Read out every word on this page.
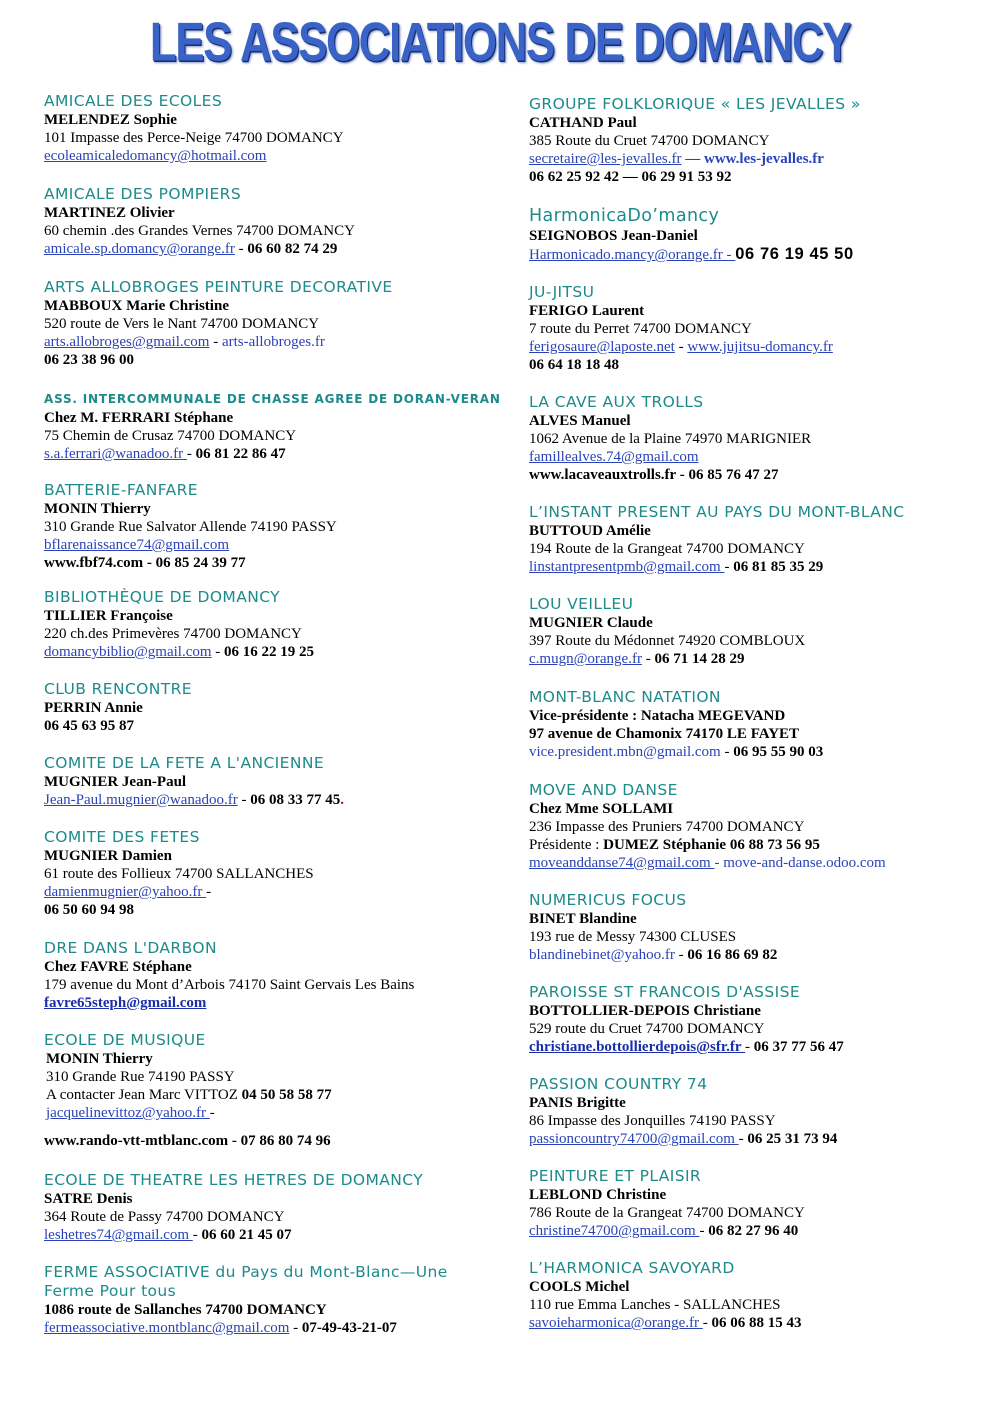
LES ASSOCIATIONS DE DOMANCY
AMICALE DES ECOLES
MELENDEZ Sophie
101 Impasse des Perce-Neige 74700 DOMANCY
ecoleamicaledomancy@hotmail.com
AMICALE DES POMPIERS
MARTINEZ Olivier
60 chemin .des Grandes Vernes 74700 DOMANCY
amicale.sp.domancy@orange.fr - 06 60 82 74 29
ARTS ALLOBROGES PEINTURE DECORATIVE
MABBOUX Marie Christine
520 route de Vers le Nant 74700 DOMANCY
arts.allobroges@gmail.com - arts-allobroges.fr
06 23 38 96 00
ASS. INTERCOMMUNALE DE CHASSE AGREE DE DORAN-VERAN
Chez M. FERRARI Stéphane
75 Chemin de Crusaz 74700 DOMANCY
s.a.ferrari@wanadoo.fr - 06 81 22 86 47
BATTERIE-FANFARE
MONIN Thierry
310 Grande Rue Salvator Allende 74190 PASSY
bflarenaissance74@gmail.com
www.fbf74.com - 06 85 24 39 77
BIBLIOTHÈQUE DE DOMANCY
TILLIER Françoise
220 ch.des Primevères 74700 DOMANCY
domancybiblio@gmail.com - 06 16 22 19 25
CLUB RENCONTRE
PERRIN Annie
06 45 63 95 87
COMITE DE LA FETE A L'ANCIENNE
MUGNIER Jean-Paul
Jean-Paul.mugnier@wanadoo.fr - 06 08 33 77 45.
COMITE DES FETES
MUGNIER Damien
61 route des Follieux 74700 SALLANCHES
damienmugnier@yahoo.fr -
06 50 60 94 98
DRE DANS L'DARBON
Chez FAVRE Stéphane
179 avenue du Mont d’Arbois 74170 Saint Gervais Les Bains
favre65steph@gmail.com
ECOLE DE MUSIQUE
MONIN Thierry
310 Grande Rue 74190 PASSY
A contacter Jean Marc VITTOZ 04 50 58 58 77
jacquelinevittoz@yahoo.fr -
www.rando-vtt-mtblanc.com - 07 86 80 74 96
ECOLE DE THEATRE LES HETRES DE DOMANCY
SATRE Denis
364 Route de Passy 74700 DOMANCY
leshetres74@gmail.com - 06 60 21 45 07
FERME ASSOCIATIVE du Pays du Mont-Blanc—Une Ferme Pour tous
1086 route de Sallanches 74700 DOMANCY
fermeassociative.montblanc@gmail.com - 07-49-43-21-07
GROUPE FOLKLORIQUE « LES JEVALLES »
CATHAND Paul
385 Route du Cruet 74700 DOMANCY
secretaire@les-jevalles.fr — www.les-jevalles.fr
06 62 25 92 42 — 06 29 91 53 92
HarmonicaDo’mancy
SEIGNOBOS Jean-Daniel
Harmonicado.mancy@orange.fr - 06 76 19 45 50
JU-JITSU
FERIGO Laurent
7 route du Perret 74700 DOMANCY
ferigosaure@laposte.net - www.jujitsu-domancy.fr
06 64 18 18 48
LA CAVE AUX TROLLS
ALVES Manuel
1062 Avenue de la Plaine 74970 MARIGNIER
famillealves.74@gmail.com
www.lacaveauxtrolls.fr - 06 85 76 47 27
L’INSTANT PRESENT AU PAYS DU MONT-BLANC
BUTTOUD Amélie
194 Route de la Grangeat 74700 DOMANCY
linstantpresentpmb@gmail.com - 06 81 85 35 29
LOU VEILLEU
MUGNIER Claude
397 Route du Médonnet 74920 COMBLOUX
c.mugn@orange.fr - 06 71 14 28 29
MONT-BLANC NATATION
Vice-présidente : Natacha MEGEVAND
97 avenue de Chamonix 74170 LE FAYET
vice.president.mbn@gmail.com - 06 95 55 90 03
MOVE AND DANSE
Chez Mme SOLLAMI
236 Impasse des Pruniers 74700 DOMANCY
Présidente : DUMEZ Stéphanie 06 88 73 56 95
moveanddanse74@gmail.com - move-and-danse.odoo.com
NUMERICUS FOCUS
BINET Blandine
193 rue de Messy 74300 CLUSES
blandinebinet@yahoo.fr - 06 16 86 69 82
PAROISSE ST FRANCOIS D'ASSISE
BOTTOLLIER-DEPOIS Christiane
529 route du Cruet 74700 DOMANCY
christiane.bottollierdepois@sfr.fr - 06 37 77 56 47
PASSION COUNTRY 74
PANIS Brigitte
86 Impasse des Jonquilles 74190 PASSY
passioncountry74700@gmail.com - 06 25 31 73 94
PEINTURE ET PLAISIR
LEBLOND Christine
786 Route de la Grangeat 74700 DOMANCY
christine74700@gmail.com - 06 82 27 96 40
L’HARMONICA SAVOYARD
COOLS Michel
110 rue Emma Lanches - SALLANCHES
savoieharmonica@orange.fr - 06 06 88 15 43
